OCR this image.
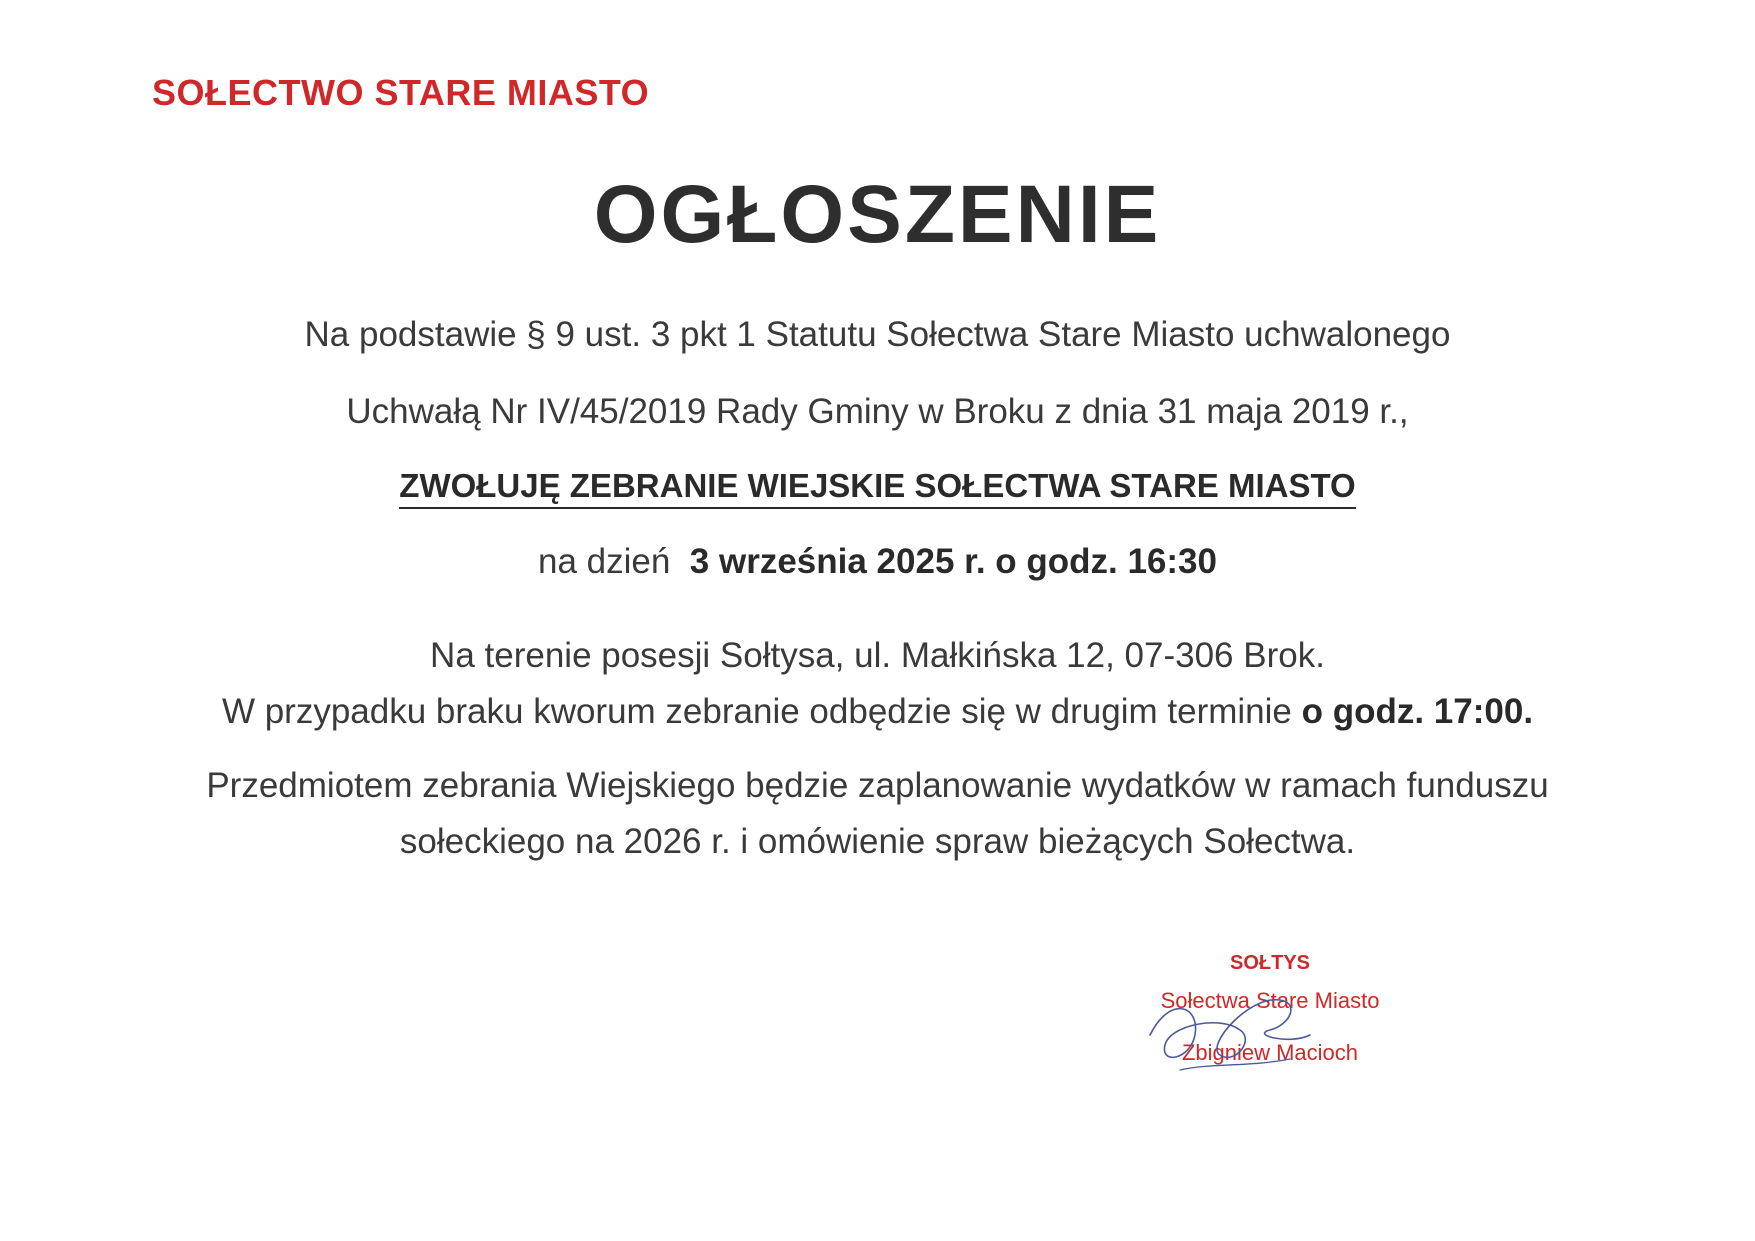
SOŁECTWO STARE MIASTO
OGŁOSZENIE
Na podstawie § 9 ust. 3 pkt 1 Statutu Sołectwa Stare Miasto uchwalonego
Uchwałą Nr IV/45/2019 Rady Gminy w Broku z dnia 31 maja 2019 r.,
ZWOŁUJĘ ZEBRANIE WIEJSKIE SOŁECTWA STARE MIASTO
na dzień 3 września 2025 r. o godz. 16:30
Na terenie posesji Sołtysa, ul. Małkińska 12, 07-306 Brok.
W przypadku braku kworum zebranie odbędzie się w drugim terminie o godz. 17:00.
Przedmiotem zebrania Wiejskiego będzie zaplanowanie wydatków w ramach funduszu
sołeckiego na 2026 r. i omówienie spraw bieżących Sołectwa.
SOŁTYS
Sołectwa Stare Miasto
Zbigniew Macioch
